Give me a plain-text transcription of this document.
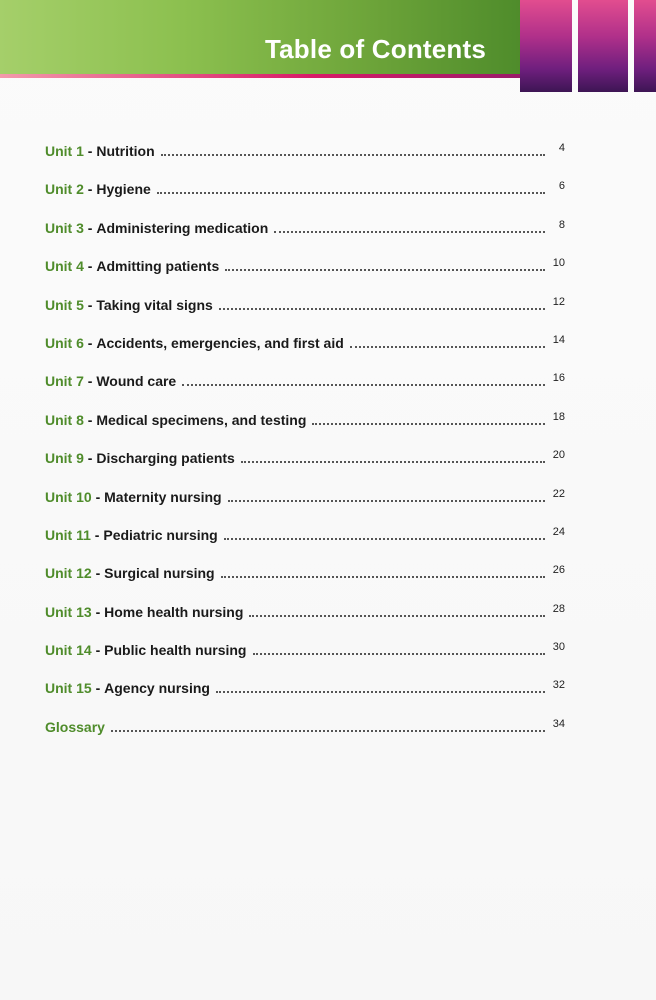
Table of Contents
Unit 1 - Nutrition	4
Unit 2 - Hygiene	6
Unit 3 - Administering medication	8
Unit 4 - Admitting patients	10
Unit 5 - Taking vital signs	12
Unit 6 - Accidents, emergencies, and first aid	14
Unit 7 - Wound care	16
Unit 8 - Medical specimens, and testing	18
Unit 9 - Discharging patients	20
Unit 10 - Maternity nursing	22
Unit 11 - Pediatric nursing	24
Unit 12 - Surgical nursing	26
Unit 13 - Home health nursing	28
Unit 14 - Public health nursing	30
Unit 15 - Agency nursing	32
Glossary	34
